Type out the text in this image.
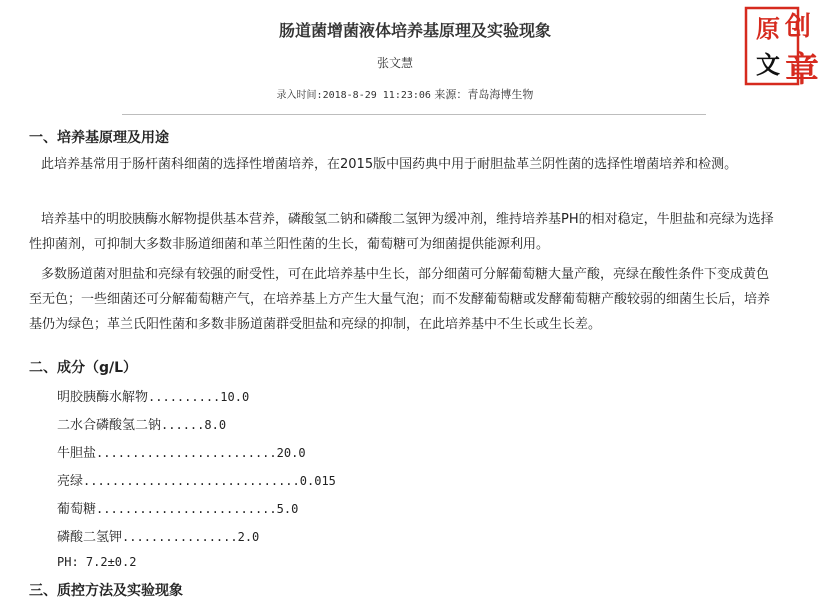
肠道菌增菌液体培养基原理及实验现象
张文慧
录入时间:2018-8-29 11:23:06 来源：青岛海博生物
原 创
文 章
一、培养基原理及用途
此培养基常用于肠杆菌科细菌的选择性增菌培养，在2015版中国药典中用于耐胆盐革兰阴性菌的选择性增菌培养和检测。
培养基中的明胶胰酶水解物提供基本营养，磷酸氢二钠和磷酸二氢钾为缓冲剂，维持培养基PH的相对稳定，牛胆盐和亮绿为选择性抑菌剂，可抑制大多数非肠道细菌和革兰阳性菌的生长，葡萄糖可为细菌提供能源利用。
多数肠道菌对胆盐和亮绿有较强的耐受性，可在此培养基中生长，部分细菌可分解葡萄糖大量产酸，亮绿在酸性条件下变成黄色至无色；一些细菌还可分解葡萄糖产气，在培养基上方产生大量气泡；而不发酵葡萄糖或发酵葡萄糖产酸较弱的细菌生长后，培养基仍为绿色；革兰氏阳性菌和多数非肠道菌群受胆盐和亮绿的抑制，在此培养基中不生长或生长差。
二、成分（g/L）
明胶胰酶水解物..........10.0
二水合磷酸氢二钠......8.0
牛胆盐.........................20.0
亮绿..............................0.015
葡萄糖.........................5.0
磷酸二氢钾................2.0
PH: 7.2±0.2
三、质控方法及实验现象
